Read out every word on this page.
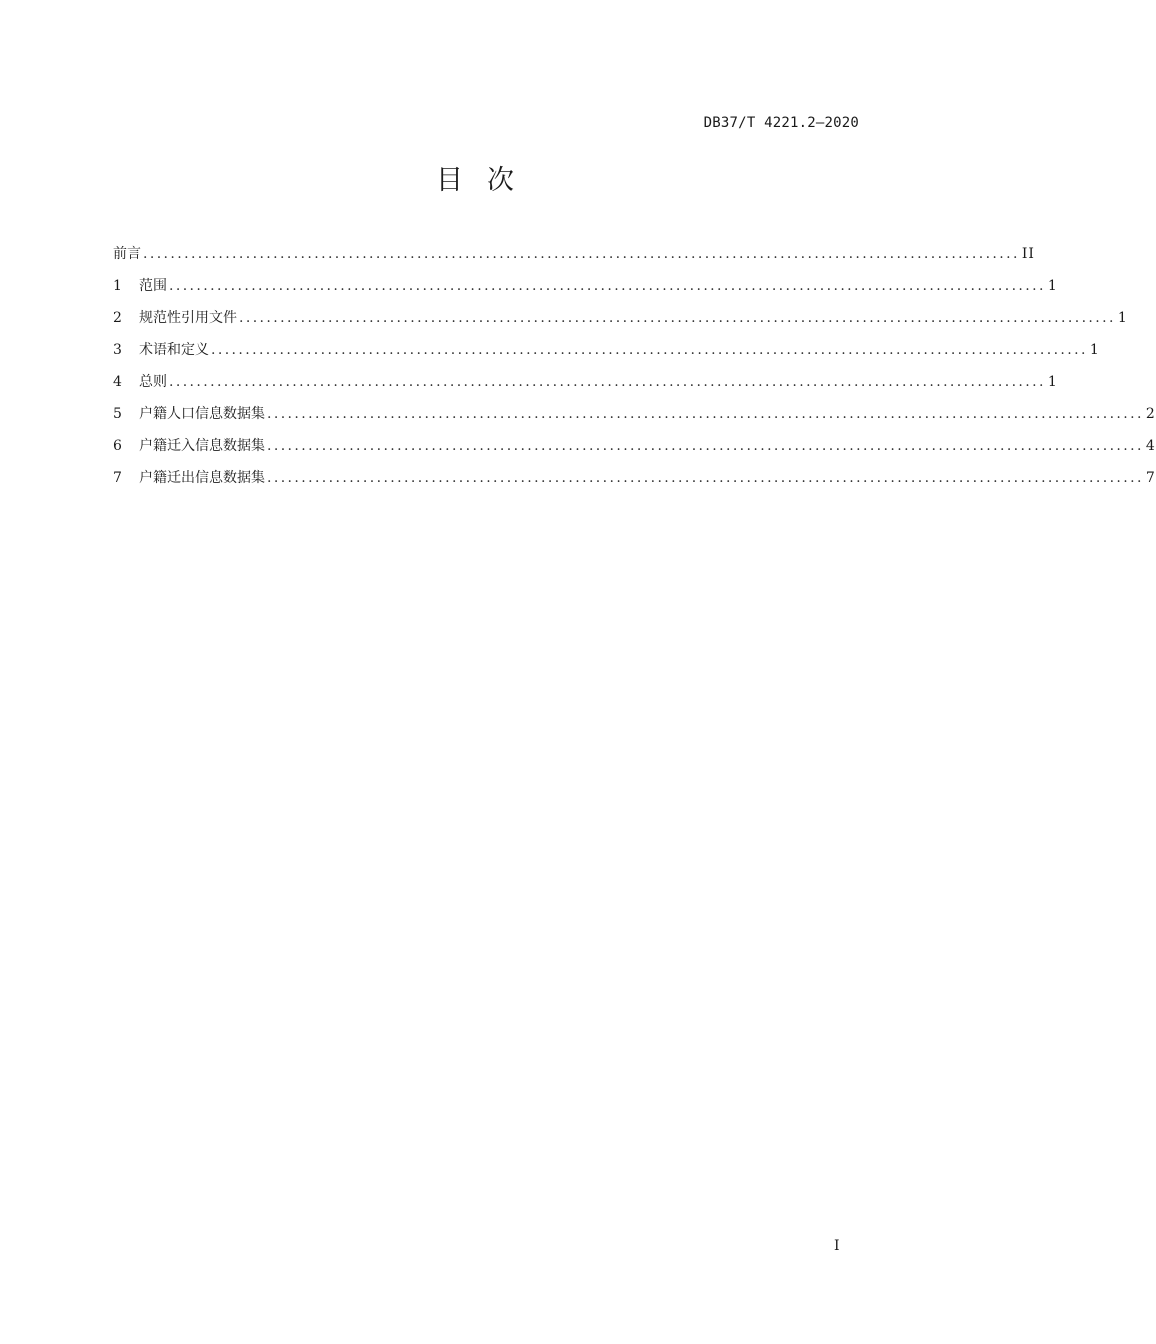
DB37/T 4221.2—2020
目次
前言 ................................................................................................................................ II
1	范围 ................................................................................................................................ 1
2	规范性引用文件 ................................................................................................................................ 1
3	术语和定义 ................................................................................................................................ 1
4	总则 ................................................................................................................................ 1
5	户籍人口信息数据集 ................................................................................................................................ 2
6	户籍迁入信息数据集 ................................................................................................................................ 4
7	户籍迁出信息数据集 ................................................................................................................................ 7
I
